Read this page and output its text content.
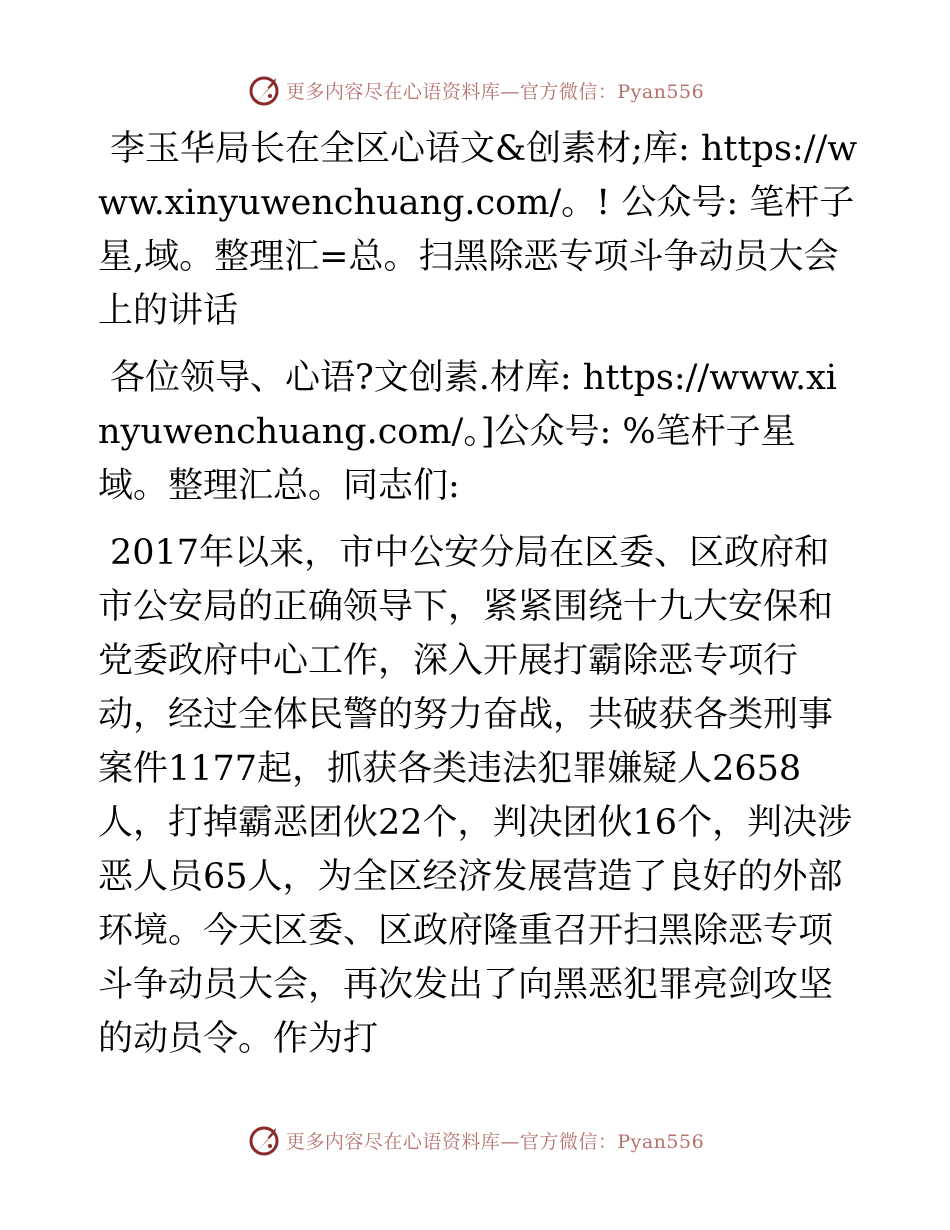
更多内容尽在心语资料库—官方微信：Pyan556

李玉华局长在全区心语文&创素材;库: https://www.xinyuwenchuang.com/。! 公众号: 笔杆子星,域。整理汇=总。扫黑除恶专项斗争动员大会上的讲话

各位领导、心语?文创素.材库: https://www.xinyuwenchuang.com/。]公众号: %笔杆子星域。整理汇总。同志们:

2017年以来，市中公安分局在区委、区政府和市公安局的正确领导下，紧紧围绕十九大安保和党委政府中心工作，深入开展打霸除恶专项行动，经过全体民警的努力奋战，共破获各类刑事案件1177起，抓获各类违法犯罪嫌疑人2658人，打掉霸恶团伙22个，判决团伙16个，判决涉恶人员65人，为全区经济发展营造了良好的外部环境。今天区委、区政府隆重召开扫黑除恶专项斗争动员大会，再次发出了向黑恶犯罪亮剑攻坚的动员令。作为打

更多内容尽在心语资料库—官方微信：Pyan556
